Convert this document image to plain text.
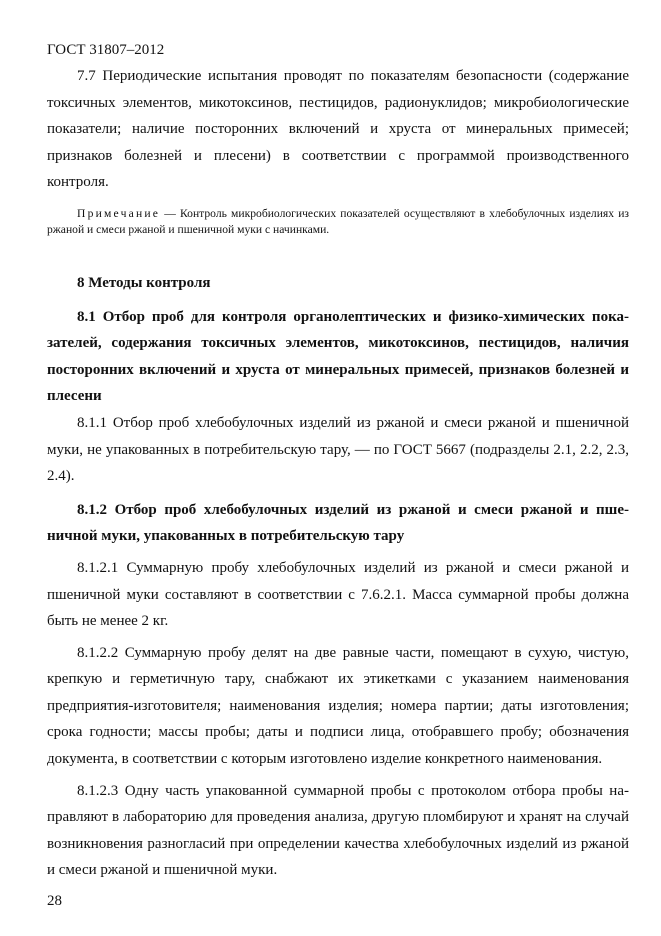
ГОСТ 31807–2012

7.7 Периодические испытания проводят по показателям безопасности (содержание токсичных элементов, микотоксинов, пестицидов, радионуклидов; микробиологические показатели; наличие посторонних включений и хруста от минеральных примесей; признаков болезней и плесени) в соответствии с программой производственного контроля.

Примечание — Контроль микробиологических показателей осуществляют в хлебобулочных изделиях из ржаной и смеси ржаной и пшеничной муки с начинками.

8 Методы контроля

8.1 Отбор проб для контроля органолептических и физико-химических показателей, содержания токсичных элементов, микотоксинов, пестицидов, наличия посторонних включений и хруста от минеральных примесей, признаков болезней и плесени

8.1.1 Отбор проб хлебобулочных изделий из ржаной и смеси ржаной и пшеничной муки, не упакованных в потребительскую тару, — по ГОСТ 5667 (подразделы 2.1, 2.2, 2.3, 2.4).

8.1.2 Отбор проб хлебобулочных изделий из ржаной и смеси ржаной и пшеничной муки, упакованных в потребительскую тару

8.1.2.1 Суммарную пробу хлебобулочных изделий из ржаной и смеси ржаной и пшеничной муки составляют в соответствии с 7.6.2.1. Масса суммарной пробы должна быть не менее 2 кг.

8.1.2.2 Суммарную пробу делят на две равные части, помещают в сухую, чистую, крепкую и герметичную тару, снабжают их этикетками с указанием наименования предприятия-изготовителя; наименования изделия; номера партии; даты изготовления; срока годности; массы пробы; даты и подписи лица, отобравшего пробу; обозначения документа, в соответствии с которым изготовлено изделие конкретного наименования.

8.1.2.3 Одну часть упакованной суммарной пробы с протоколом отбора пробы направляют в лабораторию для проведения анализа, другую пломбируют и хранят на случай возникновения разногласий при определении качества хлебобулочных изделий из ржаной и смеси ржаной и пшеничной муки.

28
